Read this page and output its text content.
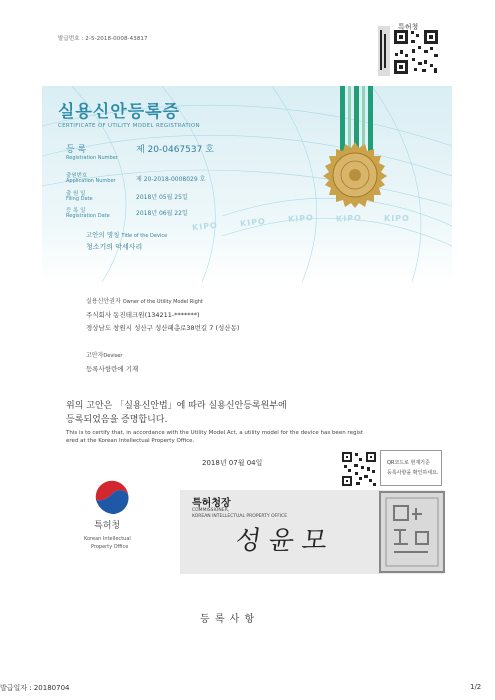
발급번호 : 2-5-2018-0008-43817
특허청
KIPO	KIPO	KIPO	KIPO	KIPO
실용신안등록증
CERTIFICATE OF UTILITY MODEL REGISTRATION
등 록	제 20-0467537 호
Registration Number
출원번호
Application Number	제 20-2018-0008029 호
출 원 일
Filing Date	2018년 05월 25일
등 록 일
Registration Date	2018년 06월 22일
고안의 명칭 Title of the Device
청소기의 악세사리
실용신안권자 Owner of the Utility Model Right
주식회사 동진테크원(134211-*******)
경상남도 창원시 성산구 성산패총로38번길 7 (성산동)
고안자Deviser
등록사항란에 기재
위의 고안은 「실용신안법」에 따라 실용신안등록원부에
등록되었음을 증명합니다.
This is to certify that, in accordance with the Utility Model Act, a utility model for the device has been regist
ered at the Korean Intellectual Property Office.
2018년 07월 04일	QR코드로 현재기준
등록사항을 확인하세요.
특허청
Korean Intellectual
Property Office
특허청장
COMMISSIONER,
KOREAN INTELLECTUAL PROPERTY OFFICE
성윤모
등 록 사 항
발급일자 : 20180704	1/2
